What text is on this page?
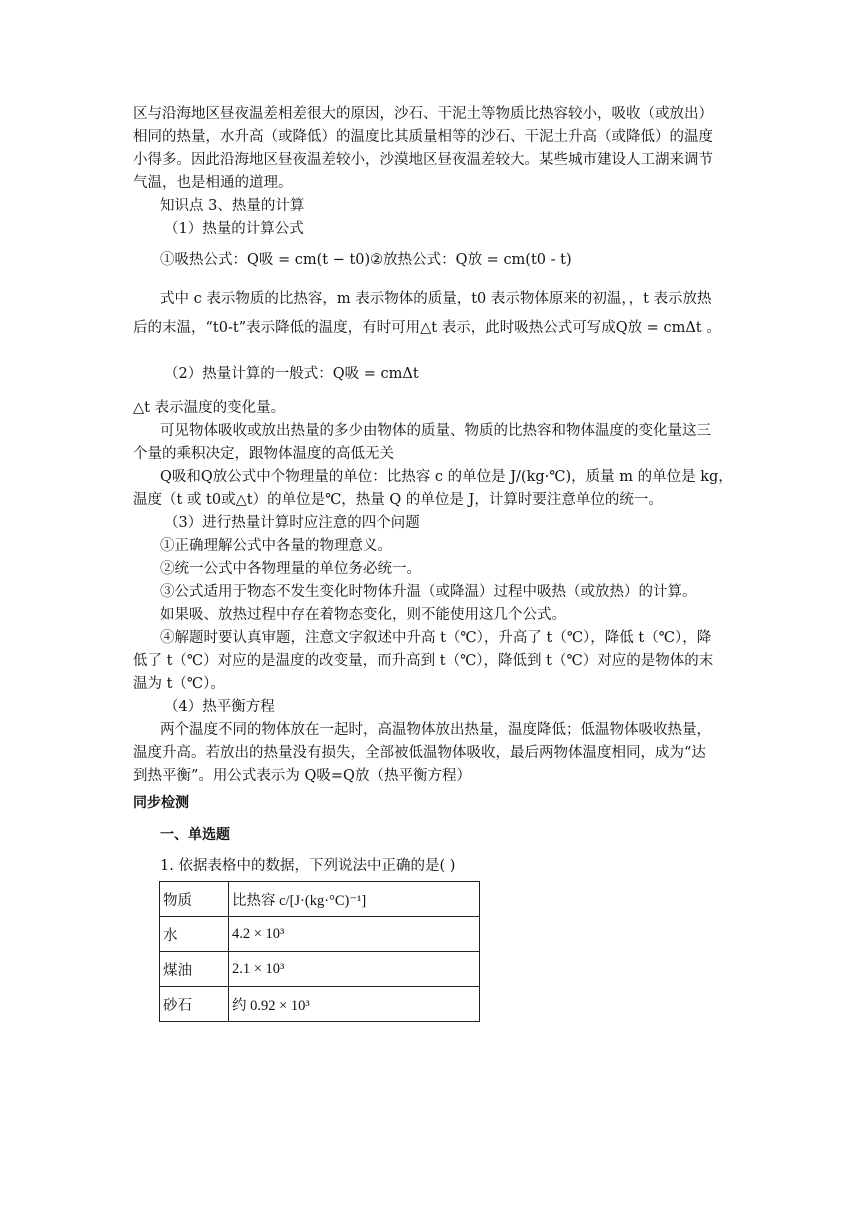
区与沿海地区昼夜温差相差很大的原因，沙石、干泥土等物质比热容较小，吸收（或放出）
相同的热量，水升高（或降低）的温度比其质量相等的沙石、干泥土升高（或降低）的温度
小得多。因此沿海地区昼夜温差较小，沙漠地区昼夜温差较大。某些城市建设人工湖来调节
气温，也是相通的道理。
知识点 3、热量的计算
（1）热量的计算公式
①吸热公式：Q吸 = cm(t − t0)②放热公式：Q放 = cm(t0 - t)
式中 c 表示物质的比热容，m 表示物体的质量，t0 表示物体原来的初温，，t 表示放热
后的末温，“t0-t”表示降低的温度，有时可用△t 表示，此时吸热公式可写成Q放 = cmΔt 。
（2）热量计算的一般式：Q吸 = cmΔt
△t 表示温度的变化量。
可见物体吸收或放出热量的多少由物体的质量、物质的比热容和物体温度的变化量这三
个量的乘积决定，跟物体温度的高低无关
Q吸和Q放公式中个物理量的单位：比热容 c 的单位是 J/(kg·℃)，质量 m 的单位是 kg，
温度（t 或 t0或△t）的单位是℃，热量 Q 的单位是 J，计算时要注意单位的统一。
（3）进行热量计算时应注意的四个问题
①正确理解公式中各量的物理意义。
②统一公式中各物理量的单位务必统一。
③公式适用于物态不发生变化时物体升温（或降温）过程中吸热（或放热）的计算。
如果吸、放热过程中存在着物态变化，则不能使用这几个公式。
④解题时要认真审题，注意文字叙述中升高 t（℃），升高了 t（℃），降低 t（℃），降
低了 t（℃）对应的是温度的改变量，而升高到 t（℃），降低到 t（℃）对应的是物体的末
温为 t（℃）。
（4）热平衡方程
两个温度不同的物体放在一起时，高温物体放出热量，温度降低；低温物体吸收热量，
温度升高。若放出的热量没有损失，全部被低温物体吸收，最后两物体温度相同，成为“达
到热平衡”。用公式表示为 Q吸=Q放（热平衡方程）
同步检测
一、单选题
1. 依据表格中的数据，下列说法中正确的是( )
物质	比热容 c/[J·(kg·°C)⁻¹]
水	4.2 × 10³
煤油	2.1 × 10³
砂石	约 0.92 × 10³
